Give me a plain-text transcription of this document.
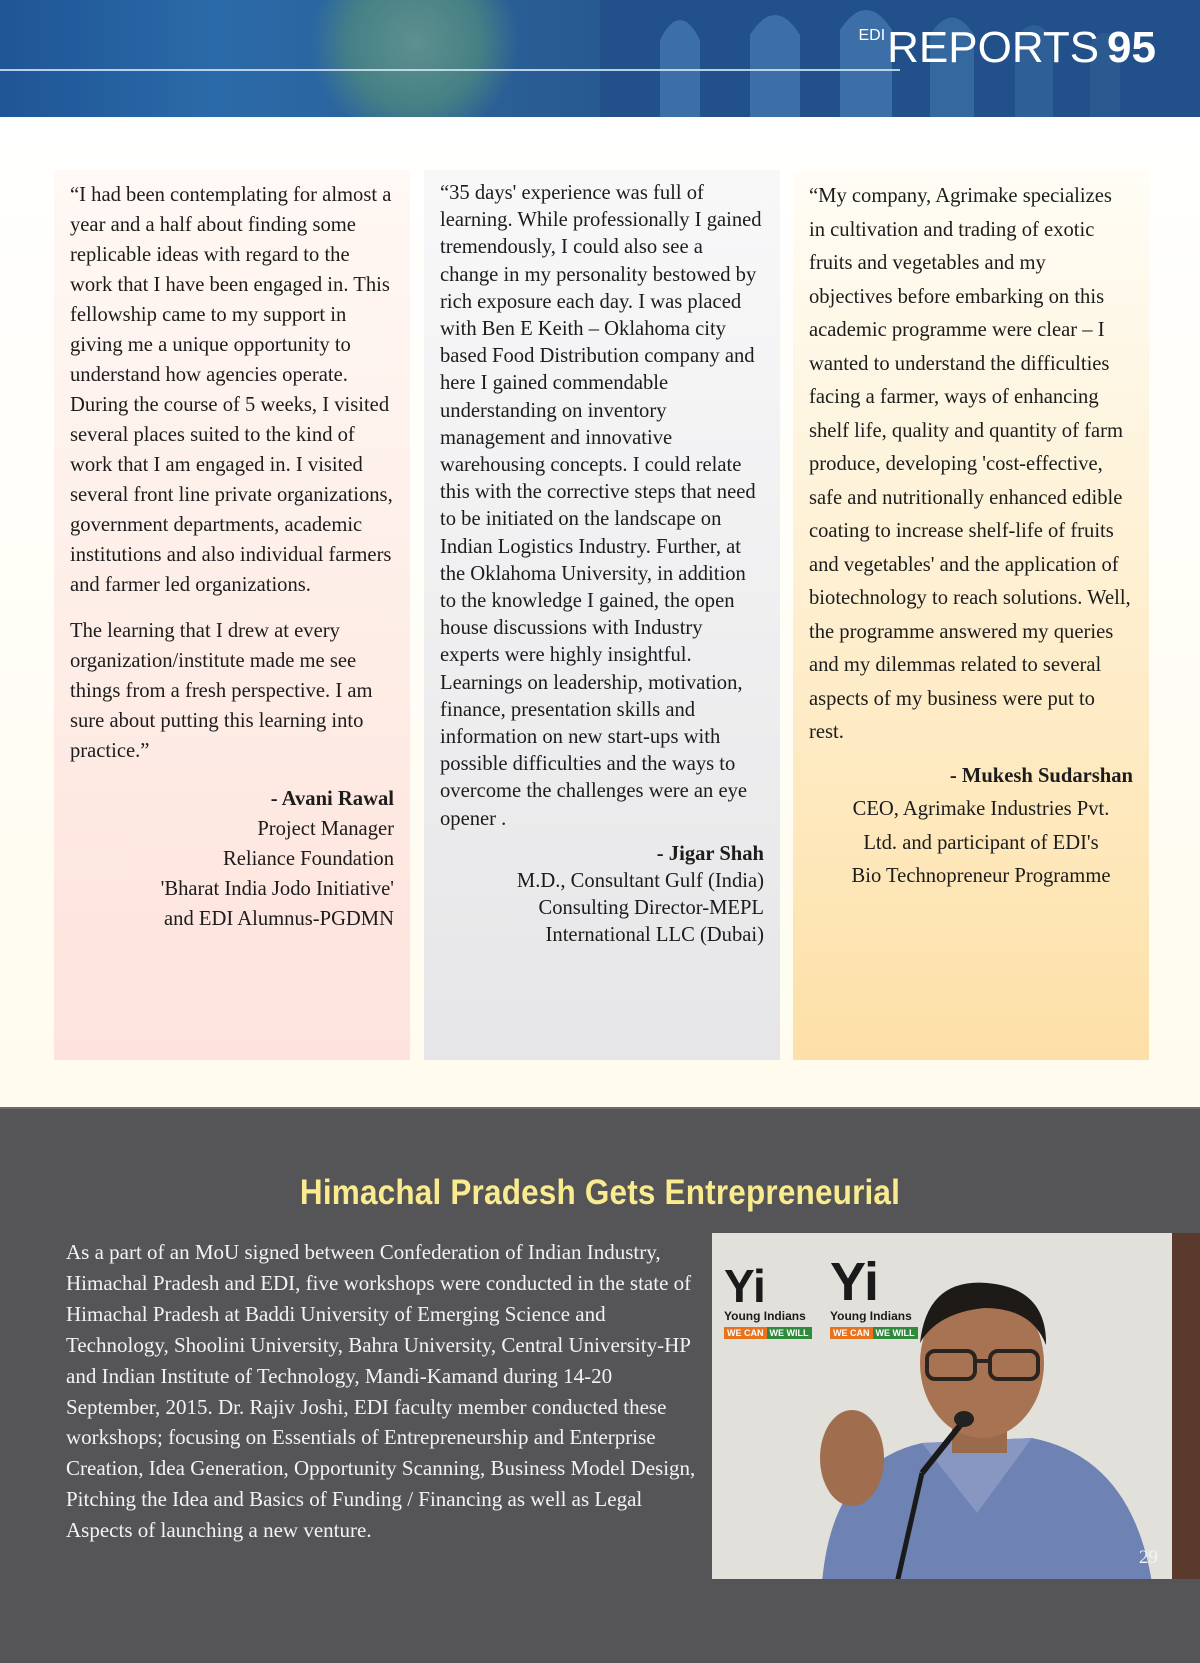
$^{EDI}$REPORTS 95

“I had been contemplating for almost a year and a half about finding some replicable ideas with regard to the work that I have been engaged in. This fellowship came to my support in giving me a unique opportunity to understand how agencies operate. During the course of 5 weeks, I visited several places suited to the kind of work that I am engaged in. I visited several front line private organizations, government departments, academic institutions and also individual farmers and farmer led organizations.

The learning that I drew at every organization/institute made me see things from a fresh perspective. I am sure about putting this learning into practice.”

- Avani Rawal
Project Manager
Reliance Foundation
'Bharat India Jodo Initiative'
and EDI Alumnus-PGDMN

“35 days' experience was full of learning. While professionally I gained tremendously, I could also see a change in my personality bestowed by rich exposure each day. I was placed with Ben E Keith – Oklahoma city based Food Distribution company and here I gained commendable understanding on inventory management and innovative warehousing concepts. I could relate this with the corrective steps that need to be initiated on the landscape on Indian Logistics Industry. Further, at the Oklahoma University, in addition to the knowledge I gained, the open house discussions with Industry experts were highly insightful. Learnings on leadership, motivation, finance, presentation skills and information on new start-ups with possible difficulties and the ways to overcome the challenges were an eye opener .

- Jigar Shah
M.D., Consultant Gulf (India)
Consulting Director-MEPL
International LLC (Dubai)

“My company, Agrimake specializes in cultivation and trading of exotic fruits and vegetables and my objectives before embarking on this academic programme were clear – I wanted to understand the difficulties facing a farmer, ways of enhancing shelf life, quality and quantity of farm produce, developing 'cost-effective, safe and nutritionally enhanced edible coating to increase shelf-life of fruits and vegetables' and the application of biotechnology to reach solutions. Well, the programme answered my queries and my dilemmas related to several aspects of my business were put to rest.

- Mukesh Sudarshan
CEO, Agrimake Industries Pvt.
Ltd. and participant of EDI's
Bio Technopreneur Programme
Himachal Pradesh Gets Entrepreneurial

As a part of an MoU signed between Confederation of Indian Industry, Himachal Pradesh and EDI, five workshops were conducted in the state of Himachal Pradesh at Baddi University of Emerging Science and Technology, Shoolini University, Bahra University, Central University-HP and Indian Institute of Technology, Mandi-Kamand during 14-20 September, 2015. Dr. Rajiv Joshi, EDI faculty member conducted these workshops; focusing on Essentials of Entrepreneurship and Enterprise Creation, Idea Generation, Opportunity Scanning, Business Model Design, Pitching the Idea and Basics of Funding / Financing as well as Legal Aspects of launching a new venture.

Yi
Young Indians
WE CAN WE WILL
Yi
Young Indians
WE CAN WE WILL
29
